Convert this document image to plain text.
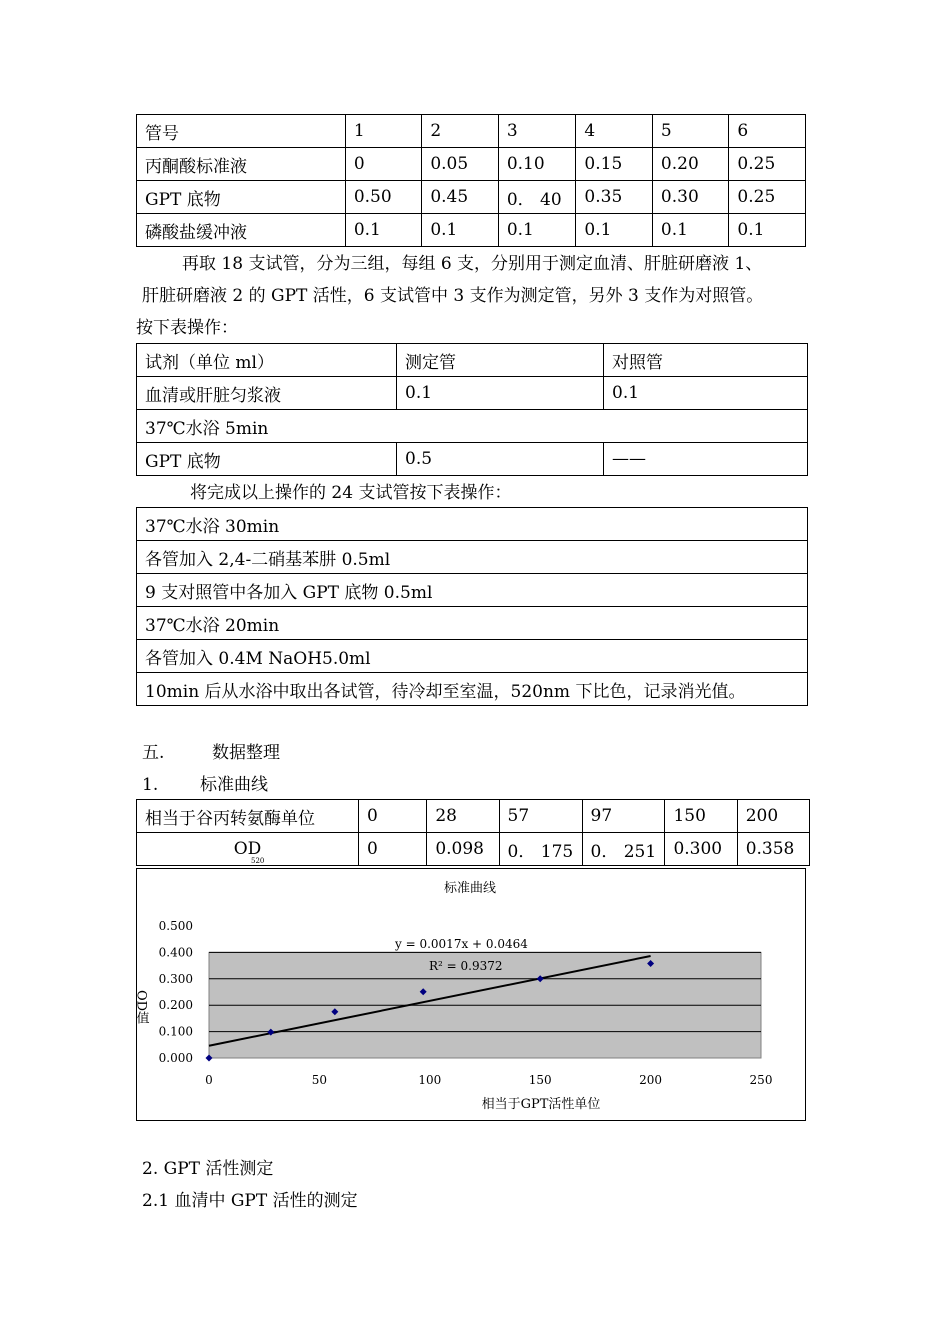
管号	1	2	3	4	5	6
丙酮酸标准液	0	0.05	0.10	0.15	0.20	0.25
GPT 底物	0.50	0.45	0． 40	0.35	0.30	0.25
磷酸盐缓冲液	0.1	0.1	0.1	0.1	0.1	0.1
再取 18 支试管，分为三组，每组 6 支，分别用于测定血清、肝脏研磨液 1、
肝脏研磨液 2 的 GPT 活性，6 支试管中 3 支作为测定管，另外 3 支作为对照管。
按下表操作：
试剂（单位 ml）	测定管	对照管
血清或肝脏匀浆液	0.1	0.1
37℃水浴 5min		
GPT 底物	0.5	——
将完成以上操作的 24 支试管按下表操作：
37℃水浴 30min
各管加入 2,4-二硝基苯肼 0.5ml
9 支对照管中各加入 GPT 底物 0.5ml
37℃水浴 20min
各管加入 0.4M NaOH5.0ml
10min 后从水浴中取出各试管，待冷却至室温，520nm 下比色，记录消光值。
五.	数据整理
1. 标准曲线
相当于谷丙转氨酶单位	0	28	57	97	150	200
OD
520	0	0.098	0． 175	0． 251	0.300	0.358
标准曲线
0.000
0.100
0.200
0.300
0.400
0.500
0	50	100	150	200	250
y = 0.0017x + 0.0464
R² = 0.9372
相当于GPT活性单位
OD值
2. GPT 活性测定
2.1 血清中 GPT 活性的测定
